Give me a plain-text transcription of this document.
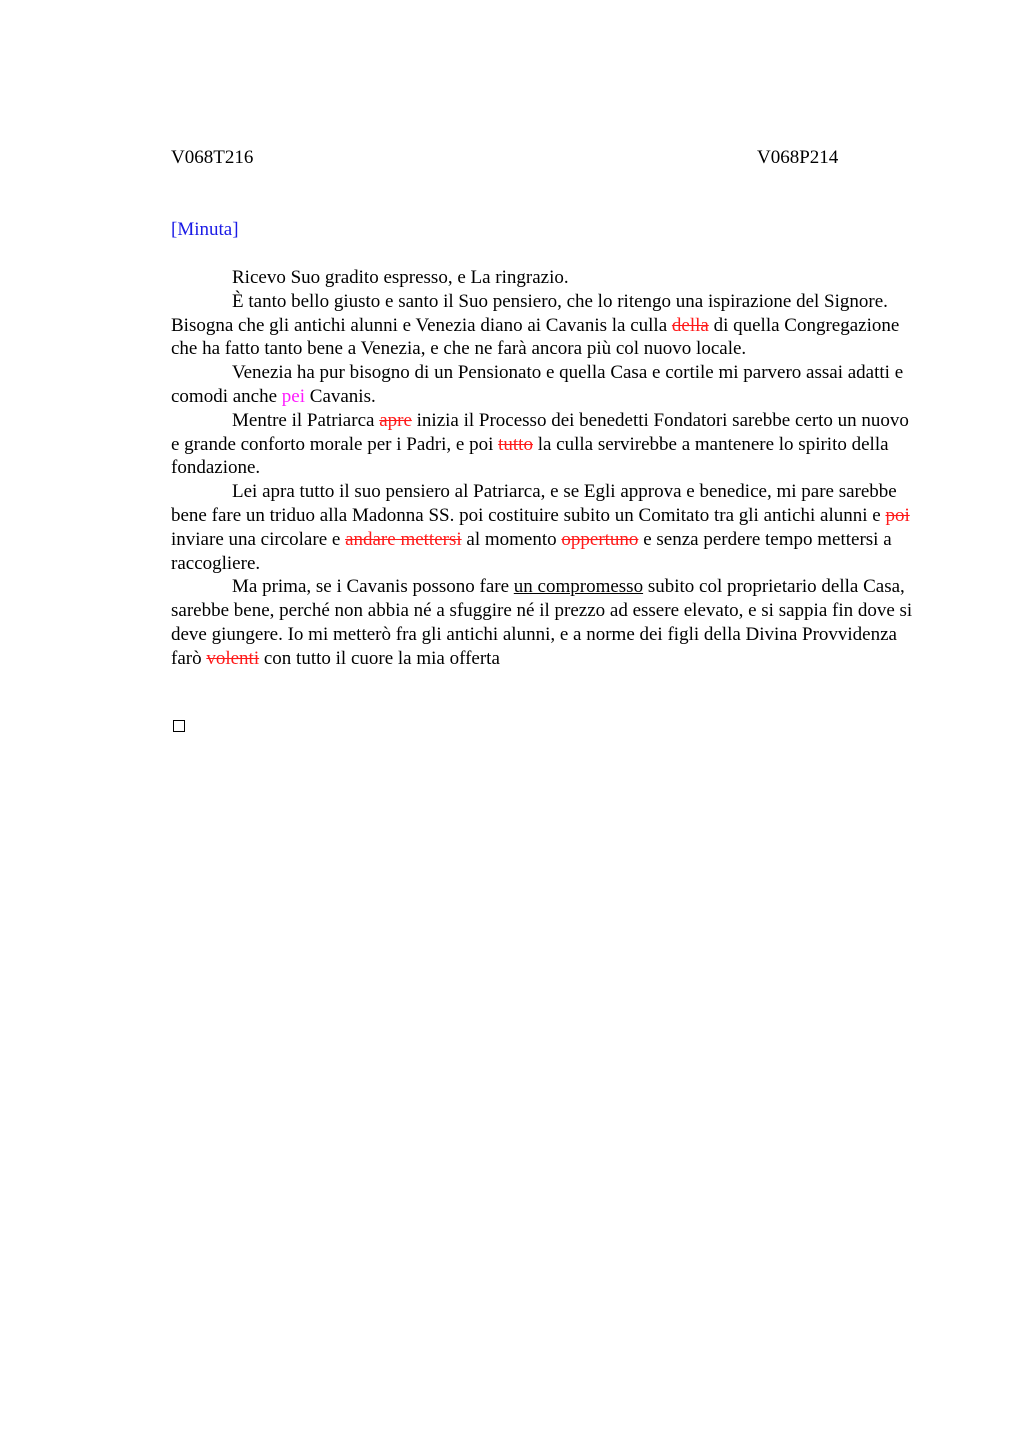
V068T216	V068P214
[Minuta]

Ricevo Suo gradito espresso, e La ringrazio.

È tanto bello giusto e santo il Suo pensiero, che lo ritengo una ispirazione del Signore. Bisogna che gli antichi alunni e Venezia diano ai Cavanis la culla della di quella Congregazione che ha fatto tanto bene a Venezia, e che ne farà ancora più col nuovo locale.

Venezia ha pur bisogno di un Pensionato e quella Casa e cortile mi parvero assai adatti e comodi anche pei Cavanis.

Mentre il Patriarca apre inizia il Processo dei benedetti Fondatori sarebbe certo un nuovo e grande conforto morale per i Padri, e poi tutto la culla servirebbe a mantenere lo spirito della fondazione.

Lei apra tutto il suo pensiero al Patriarca, e se Egli approva e benedice, mi pare sarebbe bene fare un triduo alla Madonna SS. poi costituire subito un Comitato tra gli antichi alunni e poi inviare una circolare e andare mettersi al momento oppertuno e senza perdere tempo mettersi a raccogliere.

Ma prima, se i Cavanis possono fare un compromesso subito col proprietario della Casa, sarebbe bene, perché non abbia né a sfuggire né il prezzo ad essere elevato, e si sappia fin dove si deve giungere. Io mi metterò fra gli antichi alunni, e a norme dei figli della Divina Provvidenza farò volenti con tutto il cuore la mia offerta
